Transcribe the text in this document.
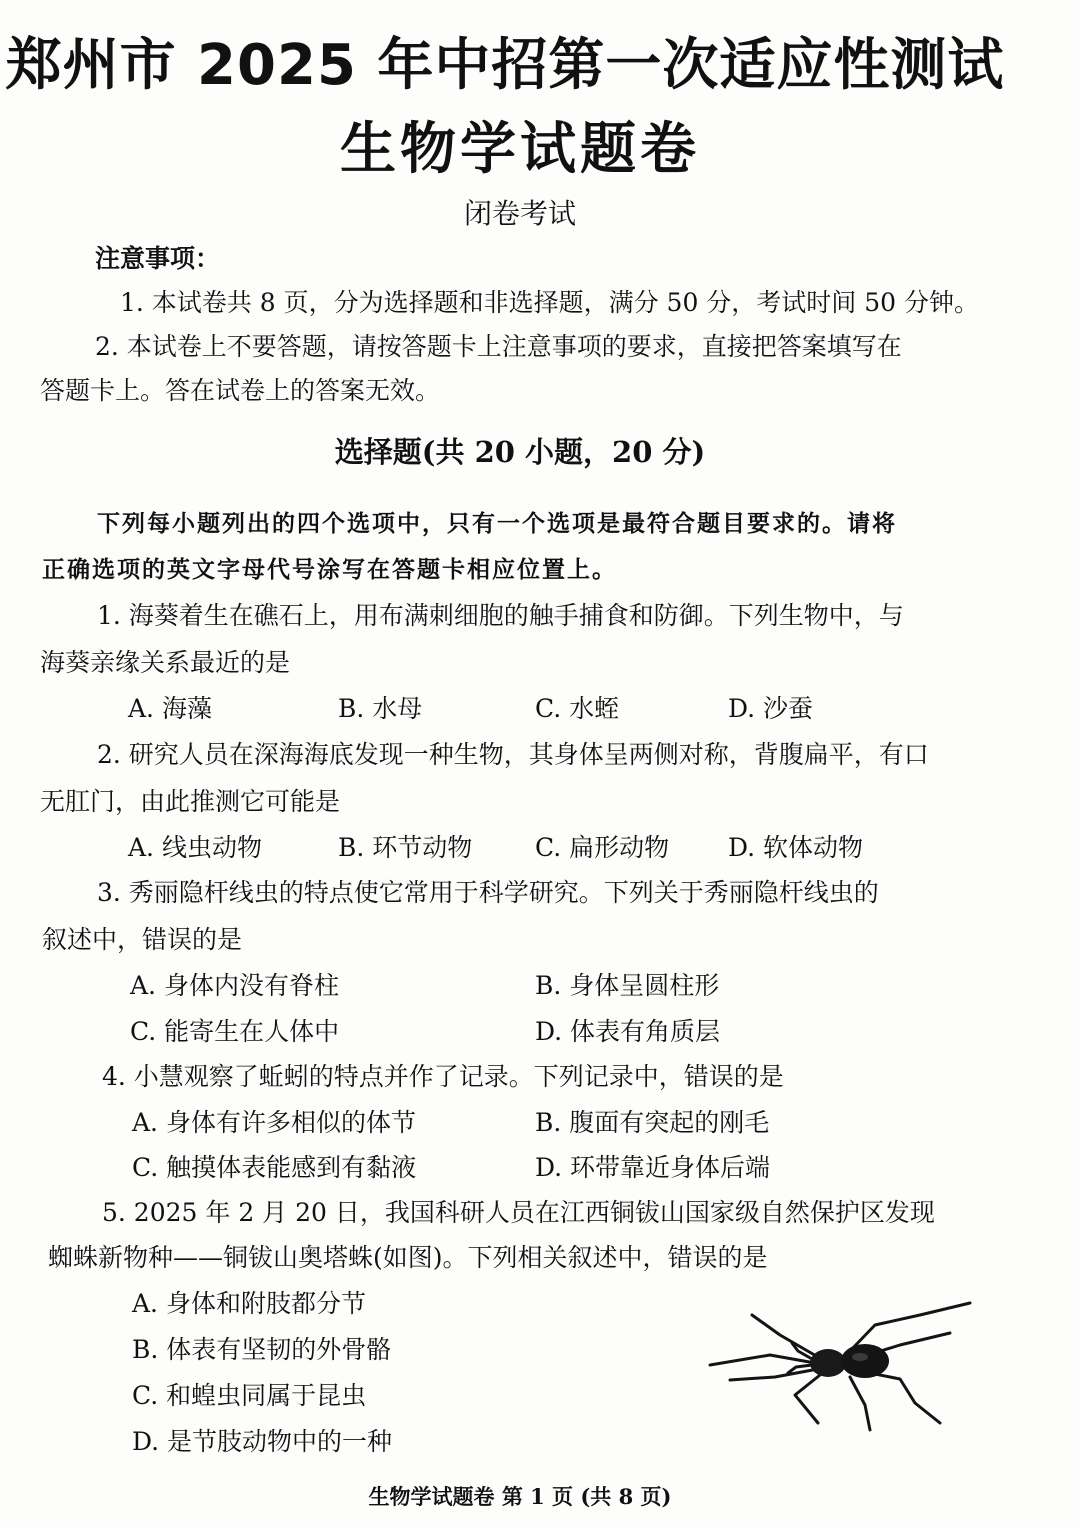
郑州市 2025 年中招第一次适应性测试
生物学试题卷
闭卷考试
注意事项：
1. 本试卷共 8 页，分为选择题和非选择题，满分 50 分，考试时间 50 分钟。
2. 本试卷上不要答题，请按答题卡上注意事项的要求，直接把答案填写在
答题卡上。答在试卷上的答案无效。
选择题(共 20 小题，20 分)
下列每小题列出的四个选项中，只有一个选项是最符合题目要求的。请将
正确选项的英文字母代号涂写在答题卡相应位置上。
1. 海葵着生在礁石上，用布满刺细胞的触手捕食和防御。下列生物中，与
海葵亲缘关系最近的是
A. 海藻	B. 水母	C. 水蛭	D. 沙蚕
2. 研究人员在深海海底发现一种生物，其身体呈两侧对称，背腹扁平，有口
无肛门，由此推测它可能是
A. 线虫动物	B. 环节动物	C. 扁形动物 D. 软体动物
3. 秀丽隐杆线虫的特点使它常用于科学研究。下列关于秀丽隐杆线虫的
叙述中，错误的是
A. 身体内没有脊柱	B. 身体呈圆柱形
C. 能寄生在人体中	D. 体表有角质层
4. 小慧观察了蚯蚓的特点并作了记录。下列记录中，错误的是
A. 身体有许多相似的体节	B. 腹面有突起的刚毛
C. 触摸体表能感到有黏液	D. 环带靠近身体后端
5. 2025 年 2 月 20 日，我国科研人员在江西铜钹山国家级自然保护区发现
蜘蛛新物种——铜钹山奥塔蛛(如图)。下列相关叙述中，错误的是
A. 身体和附肢都分节
B. 体表有坚韧的外骨骼
C. 和蝗虫同属于昆虫
D. 是节肢动物中的一种
生物学试题卷 第 1 页 (共 8 页)
